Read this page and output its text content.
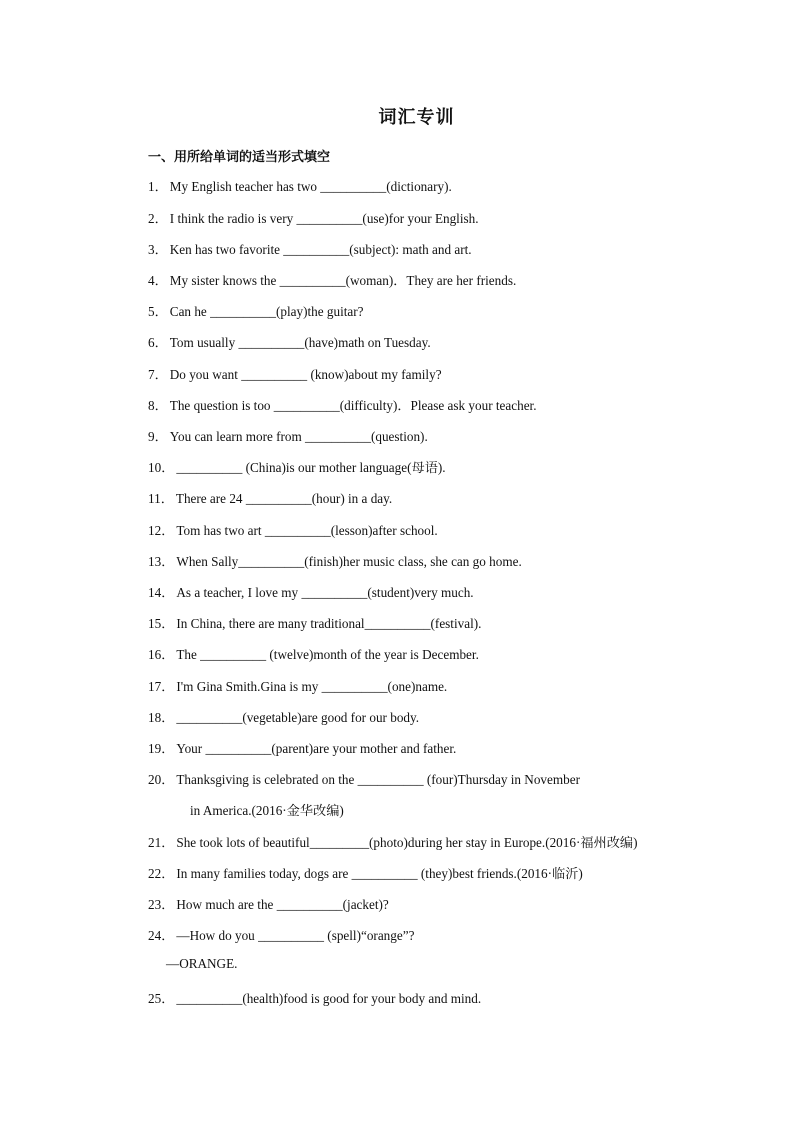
词汇专训
一、用所给单词的适当形式填空
1． My English teacher has two __________(dictionary).
2． I think the radio is very __________(use)for your English.
3． Ken has two favorite __________(subject): math and art.
4． My sister knows the __________(woman)．They are her friends.
5． Can he __________(play)the guitar?
6． Tom usually __________(have)math on Tuesday.
7． Do you want __________ (know)about my family?
8． The question is too __________(difficulty)．Please ask your teacher.
9． You can learn more from __________(question).
10． __________ (China)is our mother language(母语).
11． There are 24 __________(hour) in a day.
12． Tom has two art __________(lesson)after school.
13． When Sally__________(finish)her music class, she can go home.
14． As a teacher, I love my __________(student)very much.
15． In China, there are many traditional__________(festival).
16． The __________ (twelve)month of the year is December.
17． I'm Gina Smith.Gina is my __________(one)name.
18． __________(vegetable)are good for our body.
19． Your __________(parent)are your mother and father.
20． Thanksgiving is celebrated on the __________ (four)Thursday in November
in America.(2016·金华改编)
21． She took lots of beautiful_________(photo)during her stay in Europe.(2016·福州改编)
22． In many families today, dogs are __________ (they)best friends.(2016·临沂)
23． How much are the __________(jacket)?
24． —How do you __________ (spell)“orange”?
—ORANGE.
25． __________(health)food is good for your body and mind.
